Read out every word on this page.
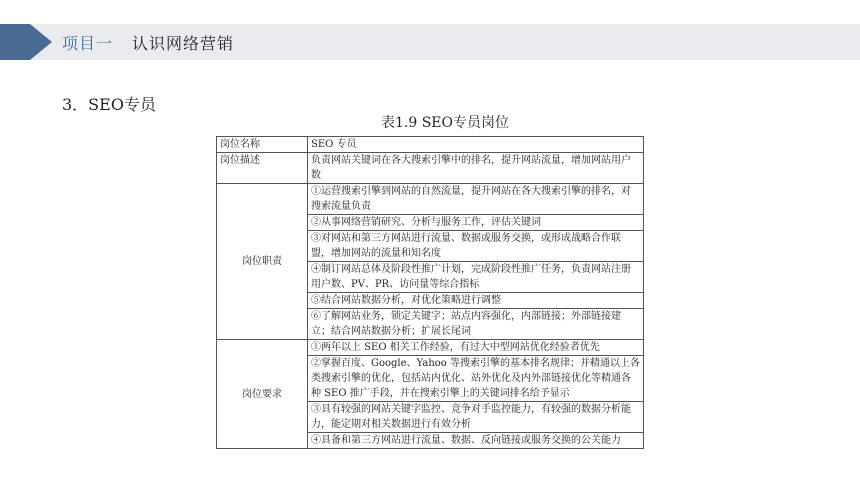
项目一 认识网络营销
3．SEO专员
表1.9 SEO专员岗位
岗位名称	SEO 专员
岗位描述	负责网站关键词在各大搜索引擎中的排名，提升网站流量，增加网站用户数
岗位职责	①运营搜索引擎到网站的自然流量，提升网站在各大搜索引擎的排名，对搜索流量负责
	②从事网络营销研究、分析与服务工作，评估关键词
	③对网站和第三方网站进行流量、数据或服务交换，或形成战略合作联盟，增加网站的流量和知名度
	④制订网站总体及阶段性推广计划，完成阶段性推广任务，负责网站注册用户数、PV、PR、访问量等综合指标
	⑤结合网站数据分析，对优化策略进行调整
	⑥了解网站业务，锁定关键字；站点内容强化，内部链接；外部链接建立；结合网站数据分析；扩展长尾词
岗位要求	①两年以上 SEO 相关工作经验，有过大中型网站优化经验者优先
	②掌握百度、Google、Yahoo 等搜索引擎的基本排名规律；并精通以上各类搜索引擎的优化，包括站内优化、站外优化及内外部链接优化等精通各种 SEO 推广手段，并在搜索引擎上的关键词排名给予显示
	③具有较强的网站关键字监控、竞争对手监控能力，有较强的数据分析能力，能定期对相关数据进行有效分析
	④具备和第三方网站进行流量、数据、反向链接或服务交换的公关能力
